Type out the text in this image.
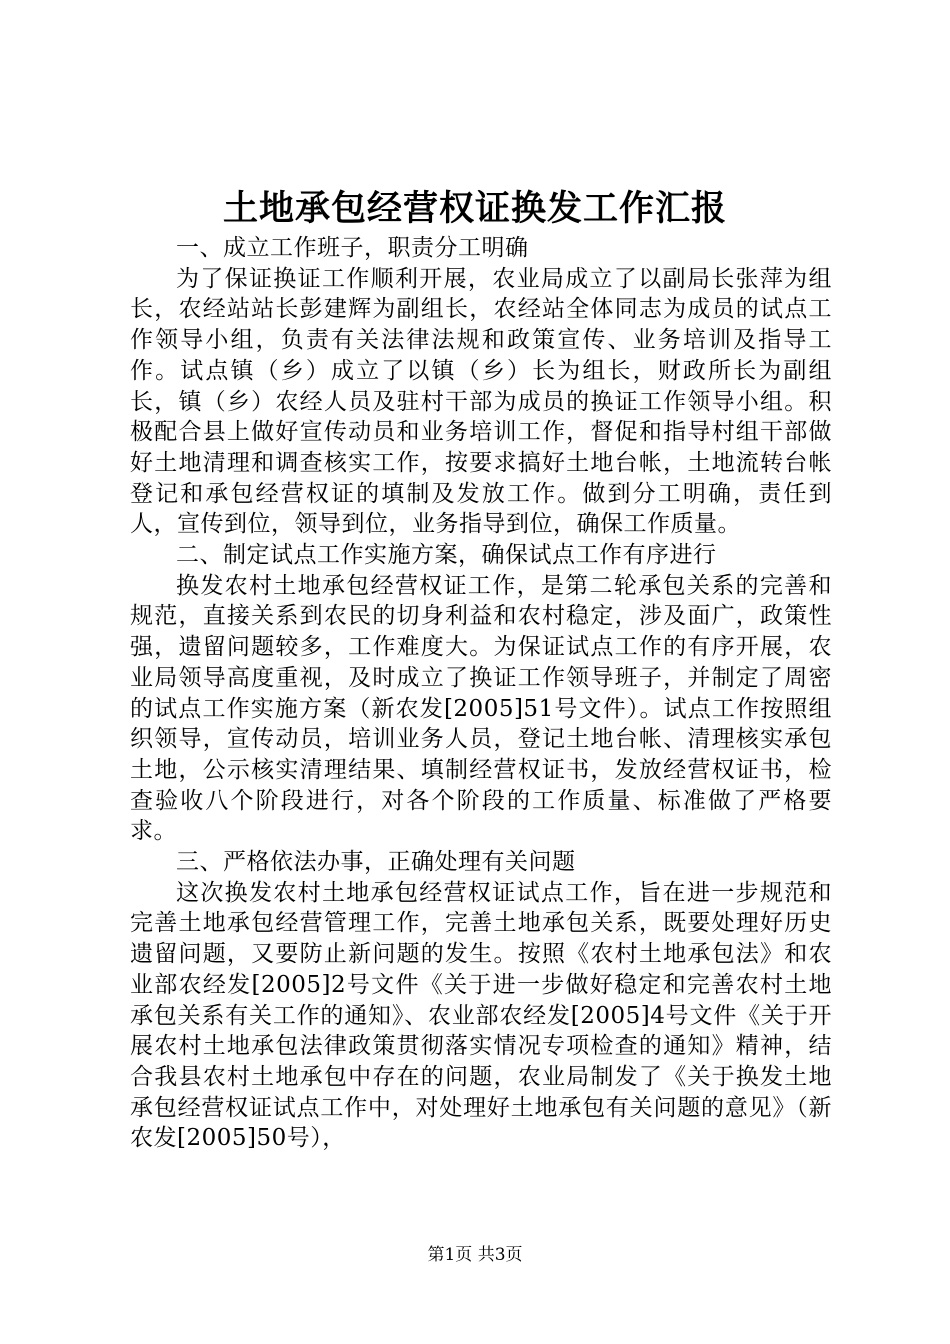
土地承包经营权证换发工作汇报

一、成立工作班子，职责分工明确

为了保证换证工作顺利开展，农业局成立了以副局长张萍为组长，农经站站长彭建辉为副组长，农经站全体同志为成员的试点工作领导小组，负责有关法律法规和政策宣传、业务培训及指导工作。试点镇（乡）成立了以镇（乡）长为组长，财政所长为副组长，镇（乡）农经人员及驻村干部为成员的换证工作领导小组。积极配合县上做好宣传动员和业务培训工作，督促和指导村组干部做好土地清理和调查核实工作，按要求搞好土地台帐，土地流转台帐登记和承包经营权证的填制及发放工作。做到分工明确，责任到人，宣传到位，领导到位，业务指导到位，确保工作质量。

二、制定试点工作实施方案，确保试点工作有序进行

换发农村土地承包经营权证工作，是第二轮承包关系的完善和规范，直接关系到农民的切身利益和农村稳定，涉及面广，政策性强，遗留问题较多，工作难度大。为保证试点工作的有序开展，农业局领导高度重视，及时成立了换证工作领导班子，并制定了周密的试点工作实施方案（新农发[2005]51号文件）。试点工作按照组织领导，宣传动员，培训业务人员，登记土地台帐、清理核实承包土地，公示核实清理结果、填制经营权证书，发放经营权证书，检查验收八个阶段进行，对各个阶段的工作质量、标准做了严格要求。

三、严格依法办事，正确处理有关问题

这次换发农村土地承包经营权证试点工作，旨在进一步规范和完善土地承包经营管理工作，完善土地承包关系，既要处理好历史遗留问题，又要防止新问题的发生。按照《农村土地承包法》和农业部农经发[2005]2号文件《关于进一步做好稳定和完善农村土地承包关系有关工作的通知》、农业部农经发[2005]4号文件《关于开展农村土地承包法律政策贯彻落实情况专项检查的通知》精神，结合我县农村土地承包中存在的问题，农业局制发了《关于换发土地承包经营权证试点工作中，对处理好土地承包有关问题的意见》（新农发[2005]50号），

第1页 共3页
